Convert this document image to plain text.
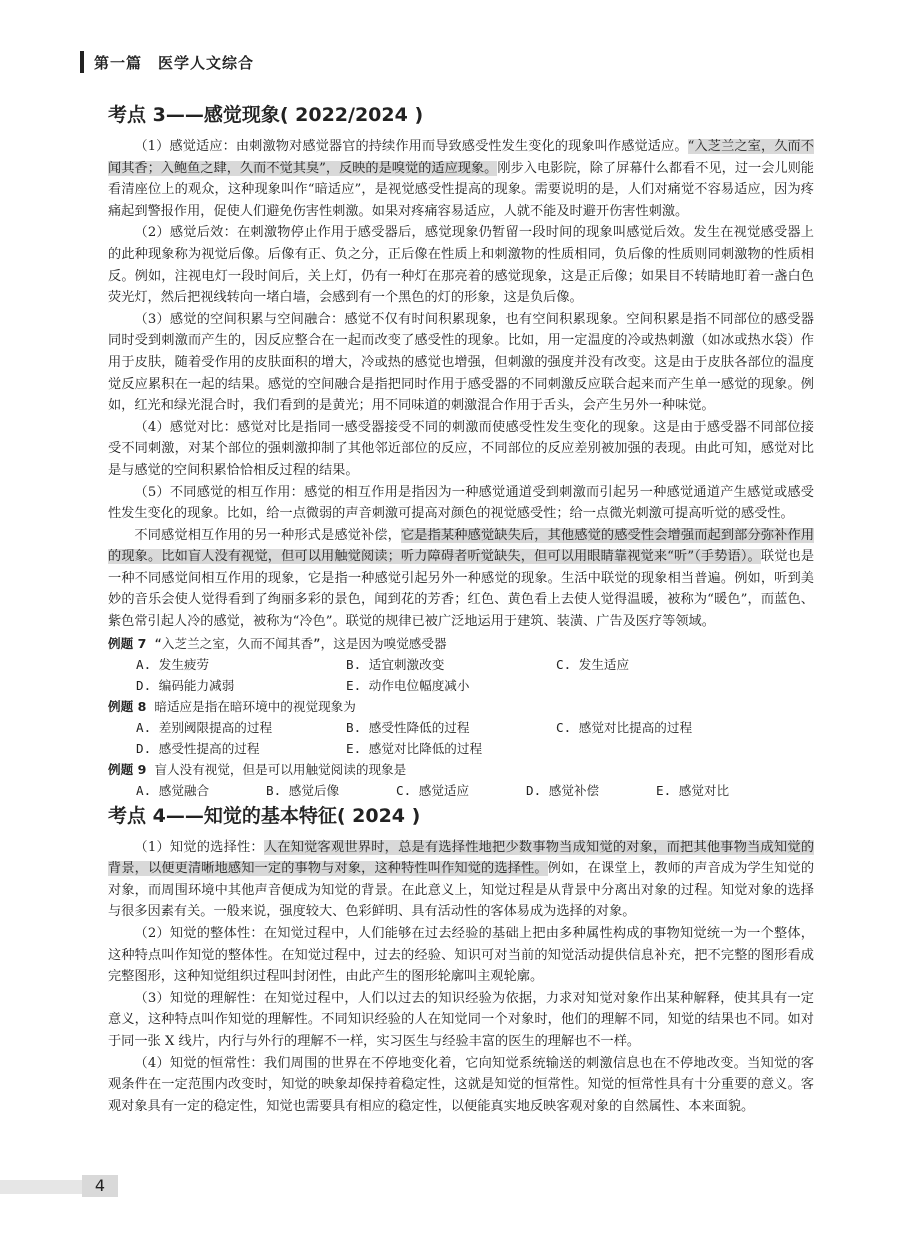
第一篇　医学人文综合
考点 3——感觉现象( 2022/2024 )

（1）感觉适应：由刺激物对感觉器官的持续作用而导致感受性发生变化的现象叫作感觉适应。“入芝兰之室，久而不闻其香；入鲍鱼之肆，久而不觉其臭”，反映的是嗅觉的适应现象。刚步入电影院，除了屏幕什么都看不见，过一会儿则能看清座位上的观众，这种现象叫作“暗适应”，是视觉感受性提高的现象。需要说明的是，人们对痛觉不容易适应，因为疼痛起到警报作用，促使人们避免伤害性刺激。如果对疼痛容易适应，人就不能及时避开伤害性刺激。

（2）感觉后效：在刺激物停止作用于感受器后，感觉现象仍暂留一段时间的现象叫感觉后效。发生在视觉感受器上的此种现象称为视觉后像。后像有正、负之分，正后像在性质上和刺激物的性质相同，负后像的性质则同刺激物的性质相反。例如，注视电灯一段时间后，关上灯，仍有一种灯在那亮着的感觉现象，这是正后像；如果目不转睛地盯着一盏白色荧光灯，然后把视线转向一堵白墙，会感到有一个黑色的灯的形象，这是负后像。

（3）感觉的空间积累与空间融合：感觉不仅有时间积累现象，也有空间积累现象。空间积累是指不同部位的感受器同时受到刺激而产生的，因反应整合在一起而改变了感受性的现象。比如，用一定温度的冷或热刺激（如冰或热水袋）作用于皮肤，随着受作用的皮肤面积的增大，冷或热的感觉也增强，但刺激的强度并没有改变。这是由于皮肤各部位的温度觉反应累积在一起的结果。感觉的空间融合是指把同时作用于感受器的不同刺激反应联合起来而产生单一感觉的现象。例如，红光和绿光混合时，我们看到的是黄光；用不同味道的刺激混合作用于舌头，会产生另外一种味觉。

（4）感觉对比：感觉对比是指同一感受器接受不同的刺激而使感受性发生变化的现象。这是由于感受器不同部位接受不同刺激，对某个部位的强刺激抑制了其他邻近部位的反应，不同部位的反应差别被加强的表现。由此可知，感觉对比是与感觉的空间积累恰恰相反过程的结果。

（5）不同感觉的相互作用：感觉的相互作用是指因为一种感觉通道受到刺激而引起另一种感觉通道产生感觉或感受性发生变化的现象。比如，给一点微弱的声音刺激可提高对颜色的视觉感受性；给一点微光刺激可提高听觉的感受性。

不同感觉相互作用的另一种形式是感觉补偿，它是指某种感觉缺失后，其他感觉的感受性会增强而起到部分弥补作用的现象。比如盲人没有视觉，但可以用触觉阅读；听力障碍者听觉缺失，但可以用眼睛靠视觉来“听”（手势语）。联觉也是一种不同感觉间相互作用的现象，它是指一种感觉引起另外一种感觉的现象。生活中联觉的现象相当普遍。例如，听到美妙的音乐会使人觉得看到了绚丽多彩的景色，闻到花的芳香；红色、黄色看上去使人觉得温暖，被称为“暖色”，而蓝色、紫色常引起人冷的感觉，被称为“冷色”。联觉的规律已被广泛地运用于建筑、装潢、广告及医疗等领域。

例题 7 “入芝兰之室，久而不闻其香”，这是因为嗅觉感受器
A. 发生疲劳	B. 适宜刺激改变	C. 发生适应
D. 编码能力减弱	E. 动作电位幅度减小
例题 8 暗适应是指在暗环境中的视觉现象为
A. 差别阈限提高的过程	B. 感受性降低的过程	C. 感觉对比提高的过程
D. 感受性提高的过程	E. 感觉对比降低的过程
例题 9 盲人没有视觉，但是可以用触觉阅读的现象是
A. 感觉融合	B. 感觉后像	C. 感觉适应	D. 感觉补偿	E. 感觉对比
考点 4——知觉的基本特征( 2024 )

（1）知觉的选择性：人在知觉客观世界时，总是有选择性地把少数事物当成知觉的对象，而把其他事物当成知觉的背景，以便更清晰地感知一定的事物与对象，这种特性叫作知觉的选择性。例如，在课堂上，教师的声音成为学生知觉的对象，而周围环境中其他声音便成为知觉的背景。在此意义上，知觉过程是从背景中分离出对象的过程。知觉对象的选择与很多因素有关。一般来说，强度较大、色彩鲜明、具有活动性的客体易成为选择的对象。

（2）知觉的整体性：在知觉过程中，人们能够在过去经验的基础上把由多种属性构成的事物知觉统一为一个整体，这种特点叫作知觉的整体性。在知觉过程中，过去的经验、知识可对当前的知觉活动提供信息补充，把不完整的图形看成完整图形，这种知觉组织过程叫封闭性，由此产生的图形轮廓叫主观轮廓。

（3）知觉的理解性：在知觉过程中，人们以过去的知识经验为依据，力求对知觉对象作出某种解释，使其具有一定意义，这种特点叫作知觉的理解性。不同知识经验的人在知觉同一个对象时，他们的理解不同，知觉的结果也不同。如对于同一张 X 线片，内行与外行的理解不一样，实习医生与经验丰富的医生的理解也不一样。

（4）知觉的恒常性：我们周围的世界在不停地变化着，它向知觉系统输送的刺激信息也在不停地改变。当知觉的客观条件在一定范围内改变时，知觉的映象却保持着稳定性，这就是知觉的恒常性。知觉的恒常性具有十分重要的意义。客观对象具有一定的稳定性，知觉也需要具有相应的稳定性，以便能真实地反映客观对象的自然属性、本来面貌。

4
